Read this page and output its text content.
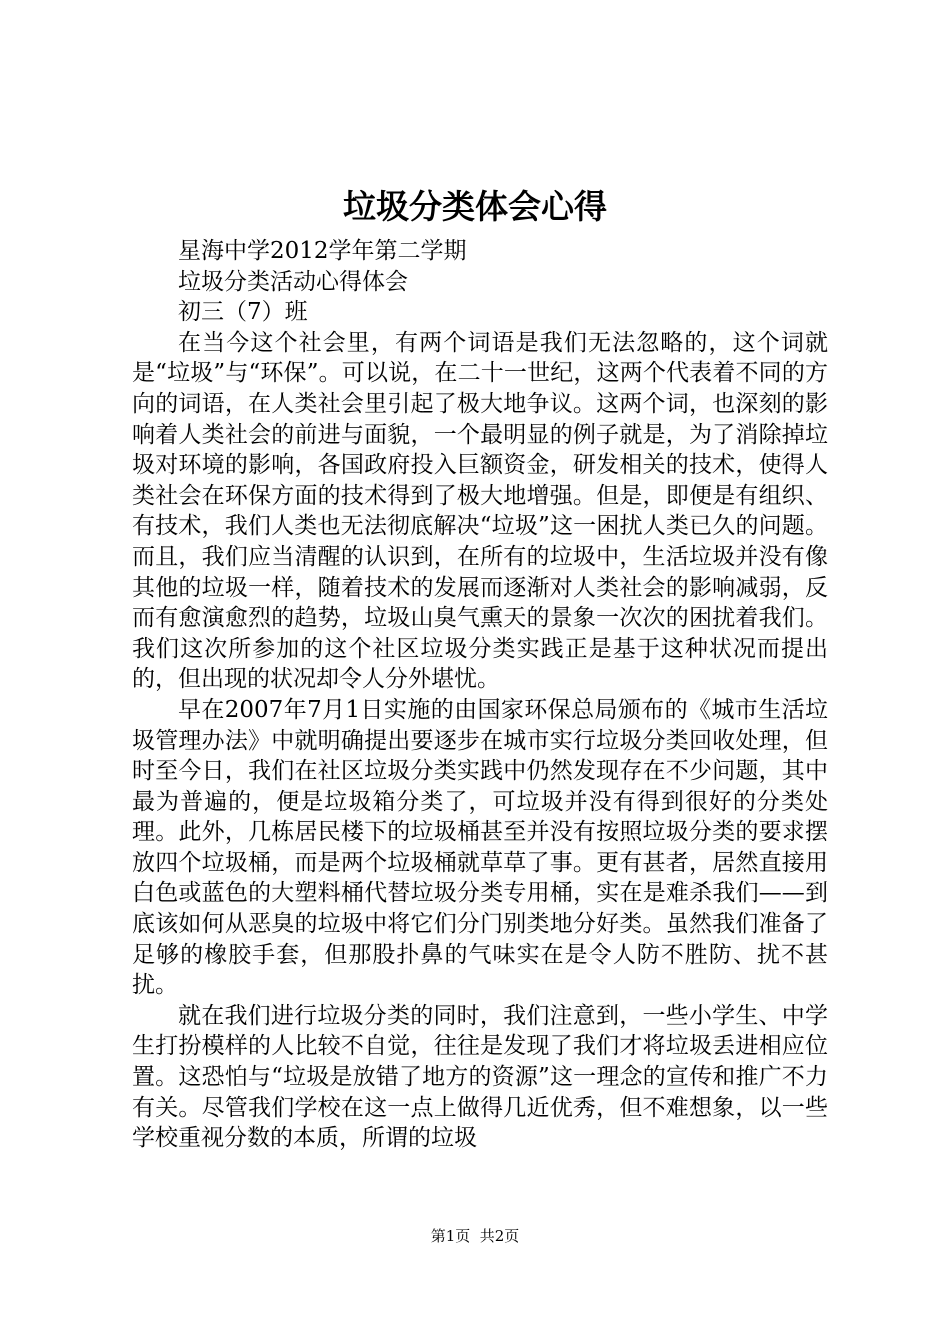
垃圾分类体会心得

星海中学2012学年第二学期

垃圾分类活动心得体会

初三（7）班

在当今这个社会里，有两个词语是我们无法忽略的，这个词就是“垃圾”与“环保”。可以说，在二十一世纪，这两个代表着不同的方向的词语，在人类社会里引起了极大地争议。这两个词，也深刻的影响着人类社会的前进与面貌，一个最明显的例子就是，为了消除掉垃圾对环境的影响，各国政府投入巨额资金，研发相关的技术，使得人类社会在环保方面的技术得到了极大地增强。但是，即便是有组织、有技术，我们人类也无法彻底解决“垃圾”这一困扰人类已久的问题。而且，我们应当清醒的认识到，在所有的垃圾中，生活垃圾并没有像其他的垃圾一样，随着技术的发展而逐渐对人类社会的影响减弱，反而有愈演愈烈的趋势，垃圾山臭气熏天的景象一次次的困扰着我们。我们这次所参加的这个社区垃圾分类实践正是基于这种状况而提出的，但出现的状况却令人分外堪忧。

早在2007年7月1日实施的由国家环保总局颁布的《城市生活垃圾管理办法》中就明确提出要逐步在城市实行垃圾分类回收处理，但时至今日，我们在社区垃圾分类实践中仍然发现存在不少问题，其中最为普遍的，便是垃圾箱分类了，可垃圾并没有得到很好的分类处理。此外，几栋居民楼下的垃圾桶甚至并没有按照垃圾分类的要求摆放四个垃圾桶，而是两个垃圾桶就草草了事。更有甚者，居然直接用白色或蓝色的大塑料桶代替垃圾分类专用桶，实在是难杀我们——到底该如何从恶臭的垃圾中将它们分门别类地分好类。虽然我们准备了足够的橡胶手套，但那股扑鼻的气味实在是令人防不胜防、扰不甚扰。

就在我们进行垃圾分类的同时，我们注意到，一些小学生、中学生打扮模样的人比较不自觉，往往是发现了我们才将垃圾丢进相应位置。这恐怕与“垃圾是放错了地方的资源”这一理念的宣传和推广不力有关。尽管我们学校在这一点上做得几近优秀，但不难想象，以一些学校重视分数的本质，所谓的垃圾

第1页  共2页
